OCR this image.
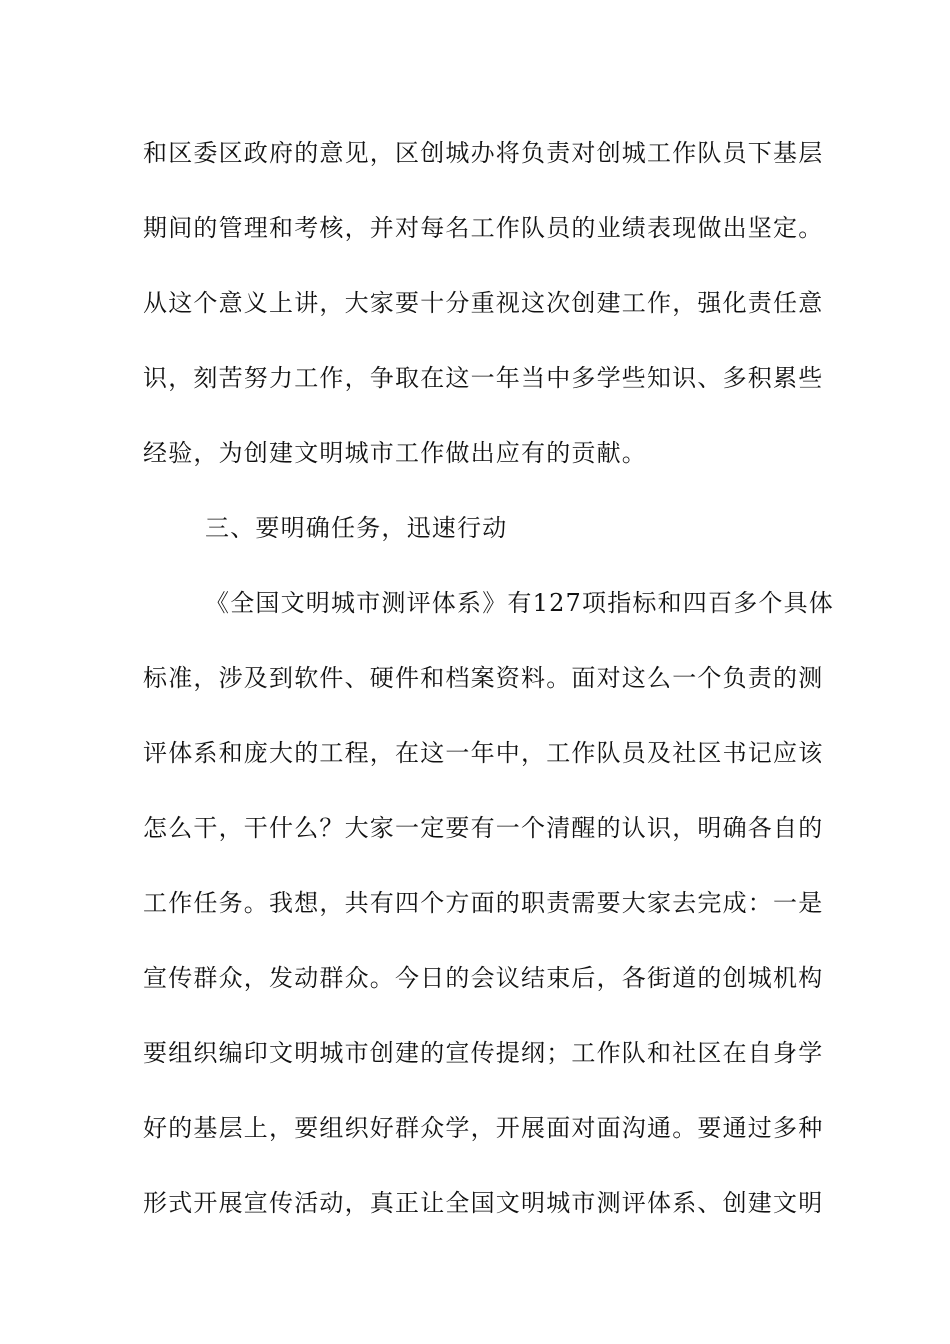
和区委区政府的意见，区创城办将负责对创城工作队员下基层
期间的管理和考核，并对每名工作队员的业绩表现做出坚定。
从这个意义上讲，大家要十分重视这次创建工作，强化责任意
识，刻苦努力工作，争取在这一年当中多学些知识、多积累些
经验，为创建文明城市工作做出应有的贡献。
三、要明确任务，迅速行动
《全国文明城市测评体系》有127项指标和四百多个具体
标准，涉及到软件、硬件和档案资料。面对这么一个负责的测
评体系和庞大的工程，在这一年中，工作队员及社区书记应该
怎么干，干什么？大家一定要有一个清醒的认识，明确各自的
工作任务。我想，共有四个方面的职责需要大家去完成：一是
宣传群众，发动群众。今日的会议结束后，各街道的创城机构
要组织编印文明城市创建的宣传提纲；工作队和社区在自身学
好的基层上，要组织好群众学，开展面对面沟通。要通过多种
形式开展宣传活动，真正让全国文明城市测评体系、创建文明
